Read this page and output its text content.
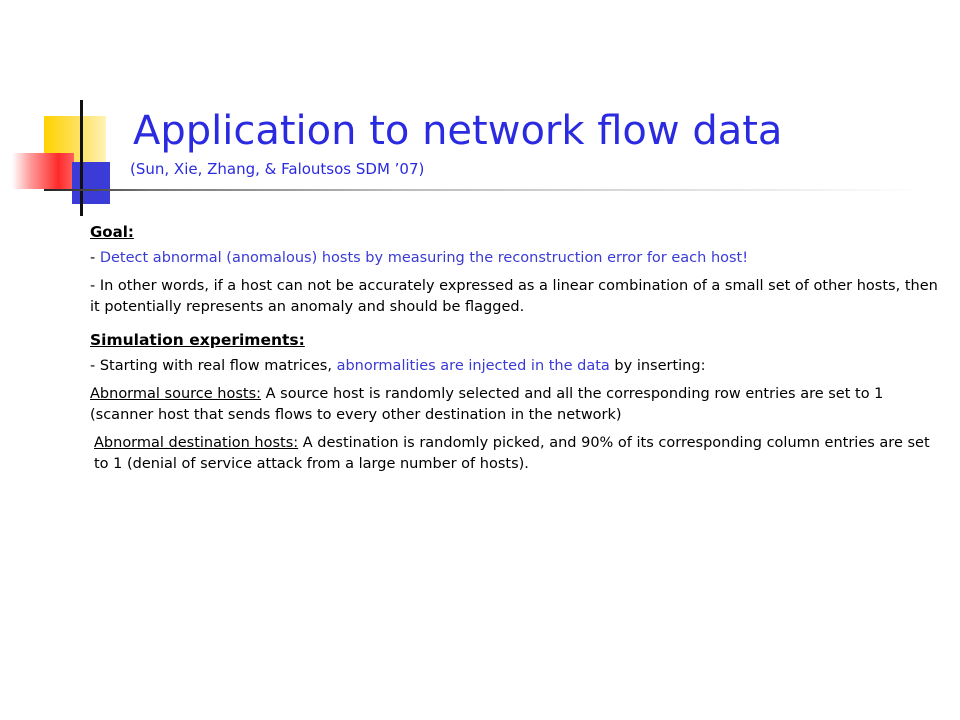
Application to network flow data
(Sun, Xie, Zhang, & Faloutsos SDM ’07)

Goal:

- Detect abnormal (anomalous) hosts by measuring the reconstruction error for each host!

- In other words, if a host can not be accurately expressed as a linear combination of a small set of other hosts, then it potentially represents an anomaly and should be flagged.

Simulation experiments:

- Starting with real flow matrices, abnormalities are injected in the data by inserting:

Abnormal source hosts: A source host is randomly selected and all the corresponding row entries are set to 1 (scanner host that sends flows to every other destination in the network)

Abnormal destination hosts: A destination is randomly picked, and 90% of its corresponding column entries are set to 1 (denial of service attack from a large number of hosts).
